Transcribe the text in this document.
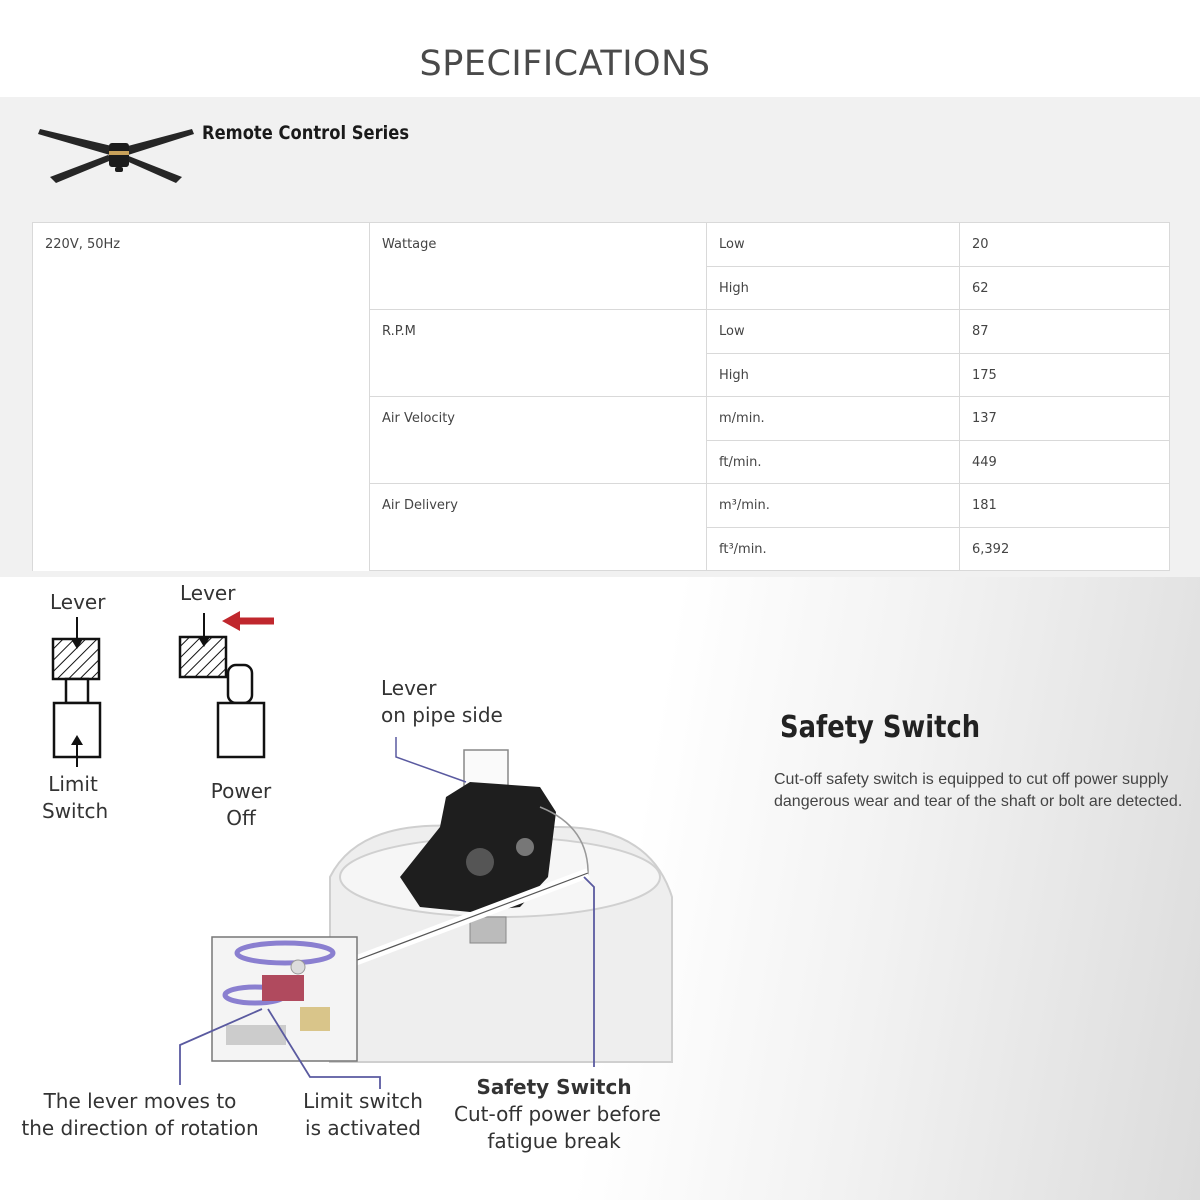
SPECIFICATIONS
Remote Control Series
220V, 50Hz	Wattage	Low	20
		High	62
	R.P.M	Low	87
		High	175
	Air Velocity	m/min.	137
		ft/min.	449
	Air Delivery	m³/min.	181
		ft³/min.	6,392
Lever	Lever
Limit
Switch
Power
Off
Lever
on pipe side
The lever moves to
the direction of rotation
Limit switch
is activated
Safety Switch
Cut-off power before
fatigue break
Safety Switch
Cut-off safety switch is equipped to cut off power supply dangerous wear and tear of the shaft or bolt are detected.
